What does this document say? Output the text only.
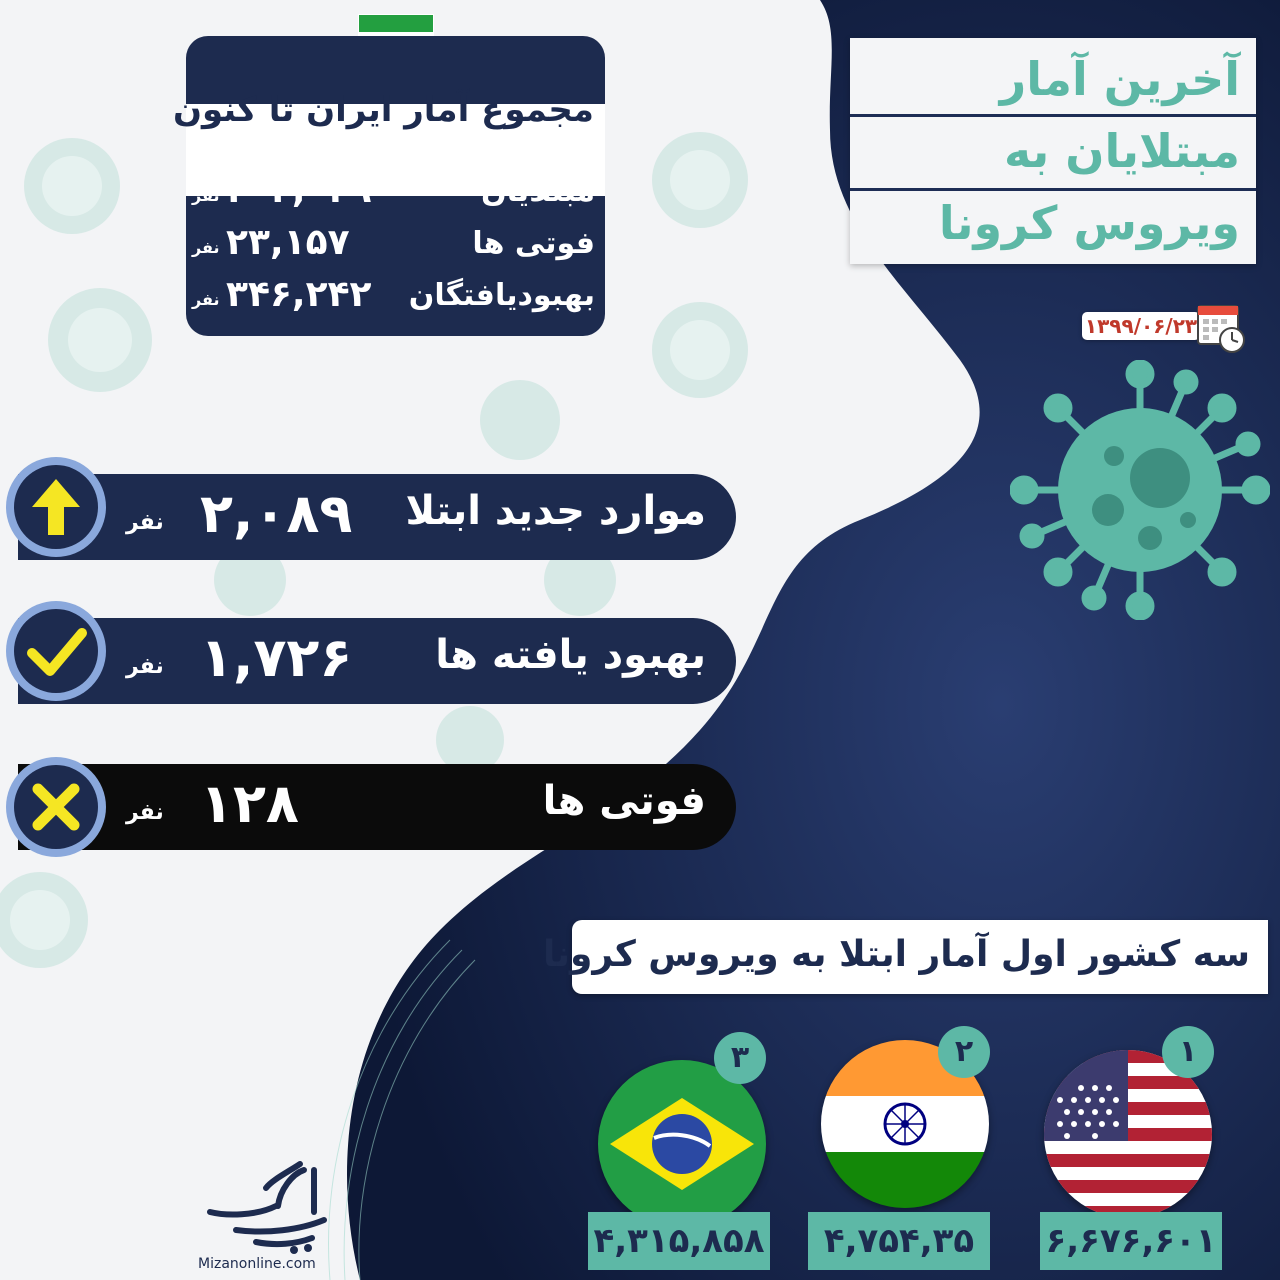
آخرین آمار
مبتلایان به
ویروس کرونا
۱۳۹۹/۰۶/۲۳
مجموع آمار ایران تا کنون
مبتلایان
۴۰۲,۰۲۹
نفر
فوتی ها
۲۳,۱۵۷
نفر
بهبودیافتگان
۳۴۶,۲۴۲
نفر
موارد جدید ابتلا
۲,۰۸۹
نفر
بهبود یافته ها
۱,۷۲۶
نفر
فوتی ها
۱۲۸
نفر
سه کشور اول آمار ابتلا به ویروس کرونا
۱
۶,۶۷۶,۶۰۱
۲
۴,۷۵۴,۳۵
۳
۴,۳۱۵,۸۵۸
Mizanonline.com
